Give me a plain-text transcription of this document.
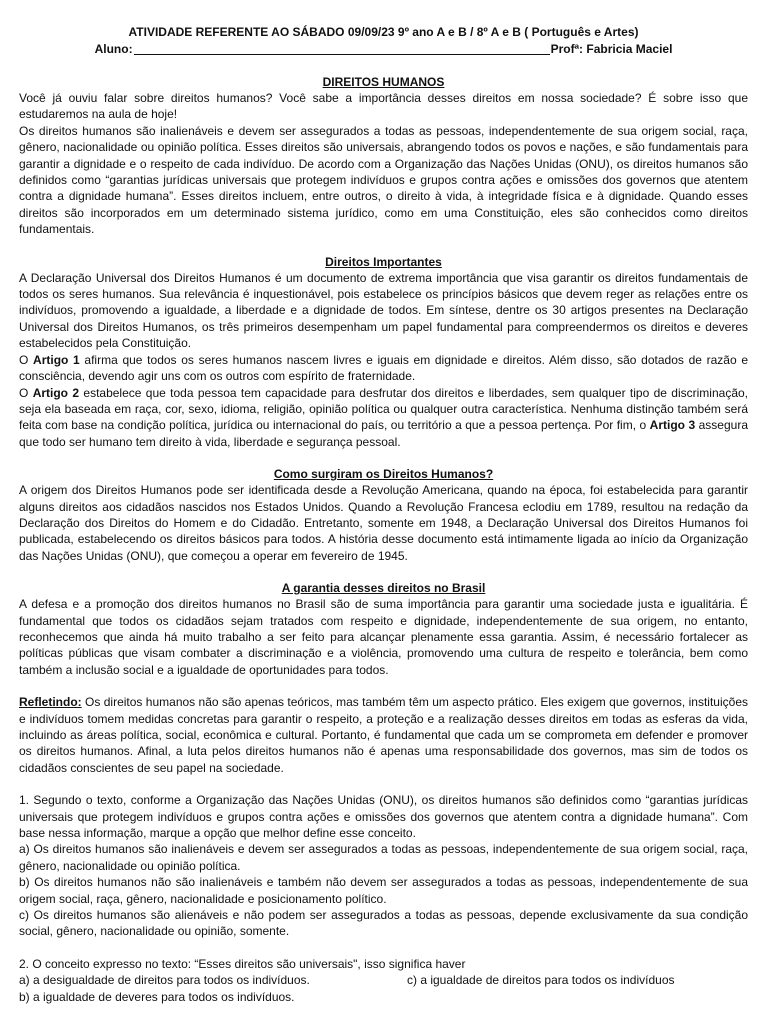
ATIVIDADE REFERENTE AO SÁBADO 09/09/23 9º ano A e B / 8º A e B ( Português e Artes)
Aluno:	Profª: Fabricia Maciel
DIREITOS HUMANOS

Você já ouviu falar sobre direitos humanos? Você sabe a importância desses direitos em nossa sociedade? É sobre isso que estudaremos na aula de hoje!

Os direitos humanos são inalienáveis e devem ser assegurados a todas as pessoas, independentemente de sua origem social, raça, gênero, nacionalidade ou opinião política. Esses direitos são universais, abrangendo todos os povos e nações, e são fundamentais para garantir a dignidade e o respeito de cada indivíduo. De acordo com a Organização das Nações Unidas (ONU), os direitos humanos são definidos como “garantias jurídicas universais que protegem indivíduos e grupos contra ações e omissões dos governos que atentem contra a dignidade humana”. Esses direitos incluem, entre outros, o direito à vida, à integridade física e à dignidade. Quando esses direitos são incorporados em um determinado sistema jurídico, como em uma Constituição, eles são conhecidos como direitos fundamentais.

Direitos Importantes

A Declaração Universal dos Direitos Humanos é um documento de extrema importância que visa garantir os direitos fundamentais de todos os seres humanos. Sua relevância é inquestionável, pois estabelece os princípios básicos que devem reger as relações entre os indivíduos, promovendo a igualdade, a liberdade e a dignidade de todos. Em síntese, dentre os 30 artigos presentes na Declaração Universal dos Direitos Humanos, os três primeiros desempenham um papel fundamental para compreendermos os direitos e deveres estabelecidos pela Constituição.

O Artigo 1 afirma que todos os seres humanos nascem livres e iguais em dignidade e direitos. Além disso, são dotados de razão e consciência, devendo agir uns com os outros com espírito de fraternidade.

O Artigo 2 estabelece que toda pessoa tem capacidade para desfrutar dos direitos e liberdades, sem qualquer tipo de discriminação, seja ela baseada em raça, cor, sexo, idioma, religião, opinião política ou qualquer outra característica. Nenhuma distinção também será feita com base na condição política, jurídica ou internacional do país, ou território a que a pessoa pertença. Por fim, o Artigo 3 assegura que todo ser humano tem direito à vida, liberdade e segurança pessoal.

Como surgiram os Direitos Humanos?

A origem dos Direitos Humanos pode ser identificada desde a Revolução Americana, quando na época, foi estabelecida para garantir alguns direitos aos cidadãos nascidos nos Estados Unidos. Quando a Revolução Francesa eclodiu em 1789, resultou na redação da Declaração dos Direitos do Homem e do Cidadão. Entretanto, somente em 1948, a Declaração Universal dos Direitos Humanos foi publicada, estabelecendo os direitos básicos para todos. A história desse documento está intimamente ligada ao início da Organização das Nações Unidas (ONU), que começou a operar em fevereiro de 1945.

A garantia desses direitos no Brasil

A defesa e a promoção dos direitos humanos no Brasil são de suma importância para garantir uma sociedade justa e igualitária. É fundamental que todos os cidadãos sejam tratados com respeito e dignidade, independentemente de sua origem, no entanto, reconhecemos que ainda há muito trabalho a ser feito para alcançar plenamente essa garantia. Assim, é necessário fortalecer as políticas públicas que visam combater a discriminação e a violência, promovendo uma cultura de respeito e tolerância, bem como também a inclusão social e a igualdade de oportunidades para todos.

Refletindo: Os direitos humanos não são apenas teóricos, mas também têm um aspecto prático. Eles exigem que governos, instituições e indivíduos tomem medidas concretas para garantir o respeito, a proteção e a realização desses direitos em todas as esferas da vida, incluindo as áreas política, social, econômica e cultural. Portanto, é fundamental que cada um se comprometa em defender e promover os direitos humanos. Afinal, a luta pelos direitos humanos não é apenas uma responsabilidade dos governos, mas sim de todos os cidadãos conscientes de seu papel na sociedade.

1. Segundo o texto, conforme a Organização das Nações Unidas (ONU), os direitos humanos são definidos como “garantias jurídicas universais que protegem indivíduos e grupos contra ações e omissões dos governos que atentem contra a dignidade humana”. Com base nessa informação, marque a opção que melhor define esse conceito.

a) Os direitos humanos são inalienáveis e devem ser assegurados a todas as pessoas, independentemente de sua origem social, raça, gênero, nacionalidade ou opinião política.

b) Os direitos humanos não são inalienáveis e também não devem ser assegurados a todas as pessoas, independentemente de sua origem social, raça, gênero, nacionalidade e posicionamento político.

c) Os direitos humanos são alienáveis e não podem ser assegurados a todas as pessoas, depende exclusivamente da sua condição social, gênero, nacionalidade ou opinião, somente.

2. O conceito expresso no texto: “Esses direitos são universais", isso significa haver

a) a desigualdade de direitos para todos os indivíduos.	c) a igualdade de direitos para todos os indivíduos

b) a igualdade de deveres para todos os indivíduos.
